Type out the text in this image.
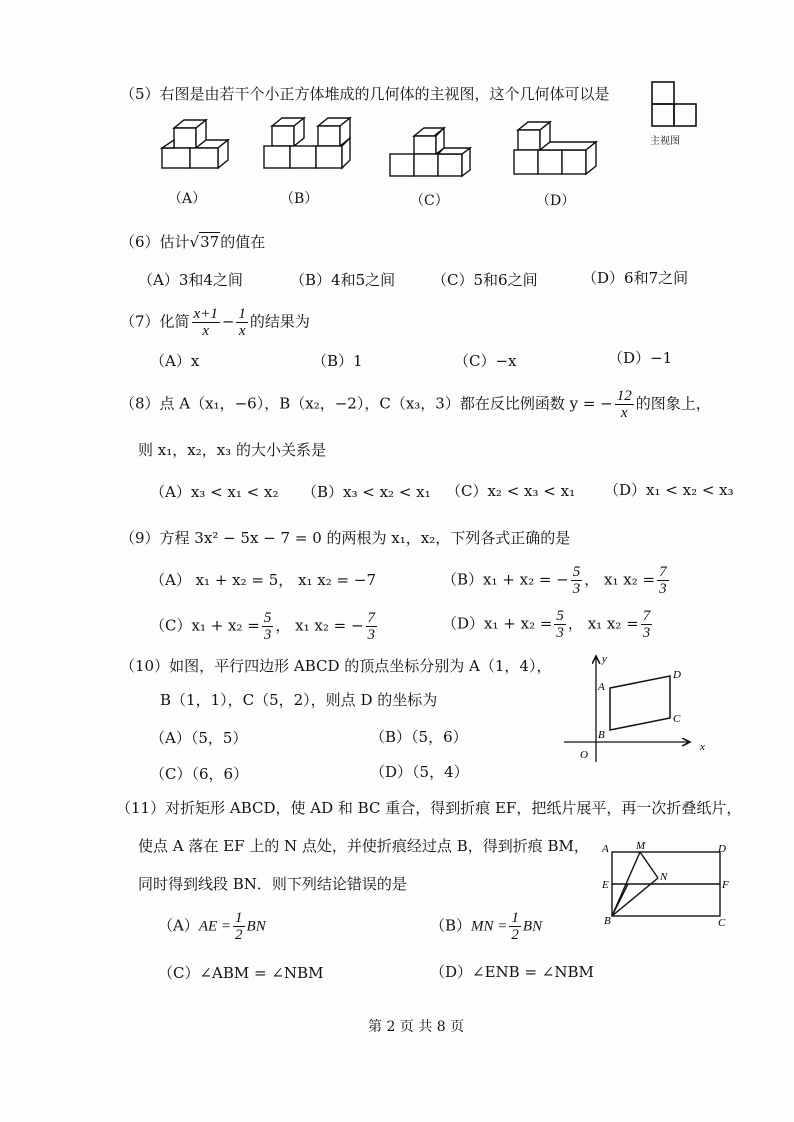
（5）右图是由若干个小正方体堆成的几何体的主视图，这个几何体可以是
主视图
（A）	（B）	（C）	（D）
（6）估计√37的值在
（A）3和4之间	（B）4和5之间 （C）5和6之间	（D）6和7之间
（7）化简 $\frac{x+1}{x} - \frac{1}{x}$ 的结果为
（A）x	（B）1	（C）−x	（D）−1
（8）点 A（x₁，−6），B（x₂，−2），C（x₃，3）都在反比例函数 y = − $\frac{12}{x}$ 的图象上，
则 x₁，x₂，x₃ 的大小关系是
（A）x₃ < x₁ < x₂ （B）x₃ < x₂ < x₁ （C）x₂ < x₃ < x₁ （D）x₁ < x₂ < x₃
（9）方程 3x² − 5x − 7 = 0 的两根为 x₁，x₂，下列各式正确的是
（A） x₁ + x₂ = 5， x₁ x₂ = −7	（B）x₁ + x₂ = − $\frac{5}{3}$ ， x₁ $x_2 = \frac{7}{3}$
$(C)x_1 + x_2 = \frac{5}{3}$ ， x₁ x₂ = − $\frac{7}{3}$	$(D)x_1 + x_2 = \frac{5}{3}$ ， x₁ $x_2 = \frac{7}{3}$
（10）如图，平行四边形 ABCD 的顶点坐标分别为 A（1，4），
B（1，1），C（5，2），则点 D 的坐标为
（A）（5，5）	（B）（5，6）
（C）（6，6）	（D）（5，4）
y
x
O
A
B
C
D
（11）对折矩形 ABCD，使 AD 和 BC 重合，得到折痕 EF，把纸片展平，再一次折叠纸片，
使点 A 落在 EF 上的 N 点处，并使折痕经过点 B，得到折痕 BM，
同时得到线段 BN．则下列结论错误的是
$(A)AE = \frac{1}{2}$ BN	$(B)MN = \frac{1}{2}$ BN
（C）∠ABM = ∠NBM	（D）∠ENB = ∠NBM
A M	D
E
N
F
B	C
第 2 页 共 8 页
